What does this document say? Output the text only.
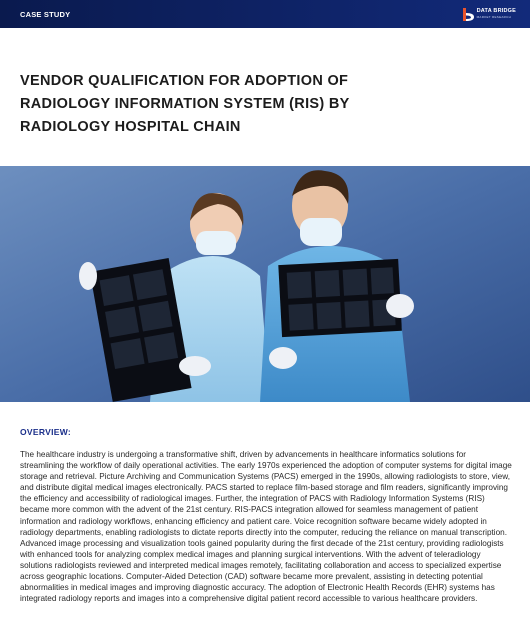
CASE STUDY	DATA BRIDGE
MARKET RESEARCH
VENDOR QUALIFICATION FOR ADOPTION OF RADIOLOGY INFORMATION SYSTEM (RIS) BY RADIOLOGY HOSPITAL CHAIN
OVERVIEW:

The healthcare industry is undergoing a transformative shift, driven by advancements in healthcare informatics solutions for streamlining the workflow of daily operational activities. The early 1970s experienced the adoption of computer systems for digital image storage and retrieval. Picture Archiving and Communication Systems (PACS) emerged in the 1990s, allowing radiologists to store, view, and distribute digital medical images electronically. PACS started to replace film-based storage and film readers, significantly improving the efficiency and accessibility of radiological images. Further, the integration of PACS with Radiology Information Systems (RIS) became more common with the advent of the 21st century. RIS-PACS integration allowed for seamless management of patient information and radiology workflows, enhancing efficiency and patient care. Voice recognition software became widely adopted in radiology departments, enabling radiologists to dictate reports directly into the computer, reducing the reliance on manual transcription. Advanced image processing and visualization tools gained popularity during the first decade of the 21st century, providing radiologists with enhanced tools for analyzing complex medical images and planning surgical interventions. With the advent of teleradiology solutions radiologists reviewed and interpreted medical images remotely, facilitating collaboration and access to specialized expertise across geographic locations. Computer-Aided Detection (CAD) software became more prevalent, assisting in detecting potential abnormalities in medical images and improving diagnostic accuracy. The adoption of Electronic Health Records (EHR) systems has integrated radiology reports and images into a comprehensive digital patient record accessible to various healthcare providers.
